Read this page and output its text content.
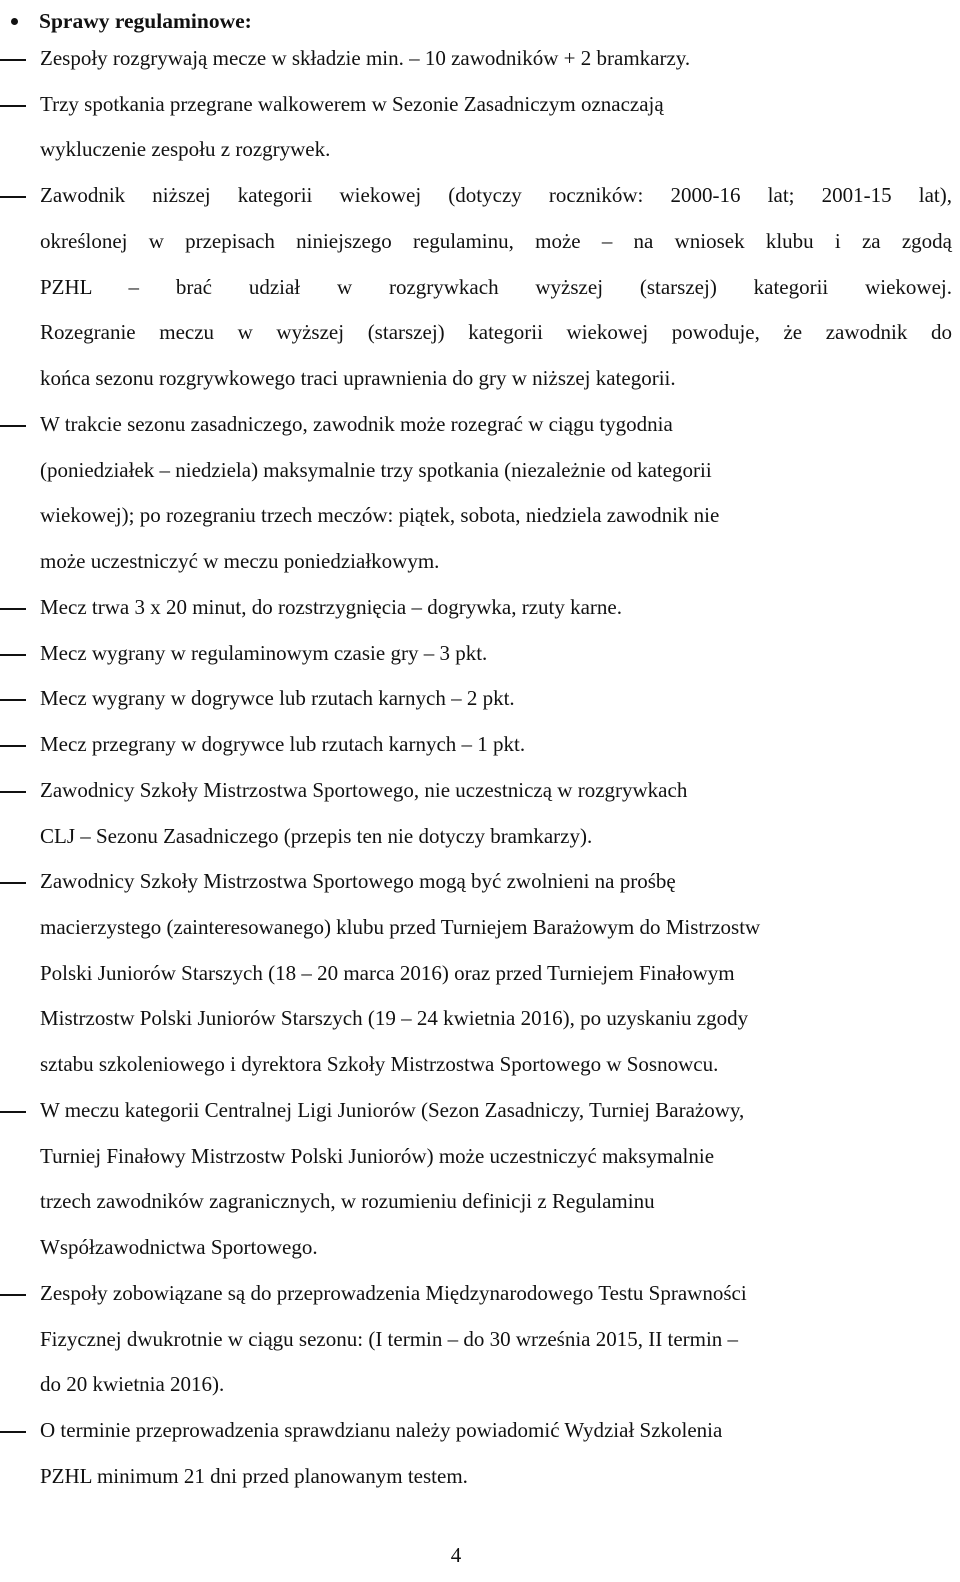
Sprawy regulaminowe:
Zespoły rozgrywają mecze w składzie min. – 10 zawodników + 2 bramkarzy.
Trzy spotkania przegrane walkowerem w Sezonie Zasadniczym oznaczają
wykluczenie zespołu z rozgrywek.
Zawodnik niższej kategorii wiekowej (dotyczy roczników: 2000-16 lat; 2001-15 lat),
określonej w przepisach niniejszego regulaminu, może – na wniosek klubu i za zgodą
PZHL – brać udział w rozgrywkach wyższej (starszej) kategorii wiekowej.
Rozegranie meczu w wyższej (starszej) kategorii wiekowej powoduje, że zawodnik do
końca sezonu rozgrywkowego traci uprawnienia do gry w niższej kategorii.
W trakcie sezonu zasadniczego, zawodnik może rozegrać w ciągu tygodnia
(poniedziałek – niedziela) maksymalnie trzy spotkania (niezależnie od kategorii
wiekowej); po rozegraniu trzech meczów: piątek, sobota, niedziela zawodnik nie
może uczestniczyć w meczu poniedziałkowym.
Mecz trwa 3 x 20 minut, do rozstrzygnięcia – dogrywka, rzuty karne.
Mecz wygrany w regulaminowym czasie gry – 3 pkt.
Mecz wygrany w dogrywce lub rzutach karnych – 2 pkt.
Mecz przegrany w dogrywce lub rzutach karnych – 1 pkt.
Zawodnicy Szkoły Mistrzostwa Sportowego, nie uczestniczą w rozgrywkach
CLJ – Sezonu Zasadniczego (przepis ten nie dotyczy bramkarzy).
Zawodnicy Szkoły Mistrzostwa Sportowego mogą być zwolnieni na prośbę
macierzystego (zainteresowanego) klubu przed Turniejem Barażowym do Mistrzostw
Polski Juniorów Starszych (18 – 20 marca 2016) oraz przed Turniejem Finałowym
Mistrzostw Polski Juniorów Starszych (19 – 24 kwietnia 2016), po uzyskaniu zgody
sztabu szkoleniowego i dyrektora Szkoły Mistrzostwa Sportowego w Sosnowcu.
W meczu kategorii Centralnej Ligi Juniorów (Sezon Zasadniczy, Turniej Barażowy,
Turniej Finałowy Mistrzostw Polski Juniorów) może uczestniczyć maksymalnie
trzech zawodników zagranicznych, w rozumieniu definicji z Regulaminu
Współzawodnictwa Sportowego.
Zespoły zobowiązane są do przeprowadzenia Międzynarodowego Testu Sprawności
Fizycznej dwukrotnie w ciągu sezonu: (I termin – do 30 września 2015, II termin –
do 20 kwietnia 2016).
O terminie przeprowadzenia sprawdzianu należy powiadomić Wydział Szkolenia
PZHL minimum 21 dni przed planowanym testem.
4
